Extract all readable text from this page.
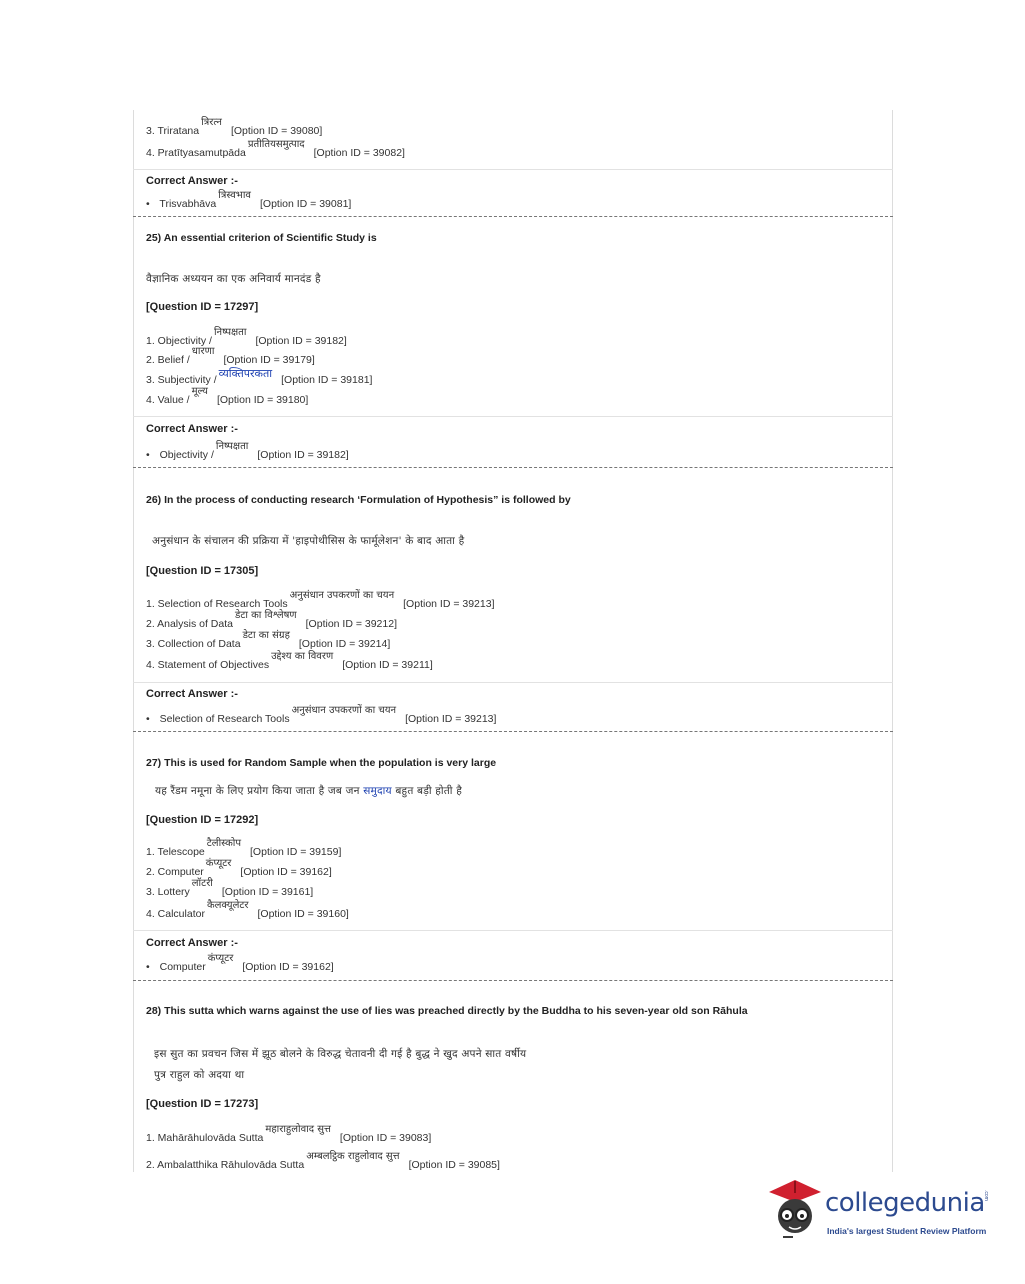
3. Triratanaत्रिरत्न[Option ID = 39080]
4. Pratītyasamutpādaप्रतीतियसमुत्पाद[Option ID = 39082]
Correct Answer :-
• Trisvabhāvaत्रिस्वभाव[Option ID = 39081]
25) An essential criterion of Scientific Study is
वैज्ञानिक अध्ययन का एक अनिवार्य मानदंड है
[Question ID = 17297]
1. Objectivity /निष्पक्षता[Option ID = 39182]
2. Belief /धारणा[Option ID = 39179]
3. Subjectivity / व्यक्तिपरकता [Option ID = 39181]
4. Value /मूल्य[Option ID = 39180]
Correct Answer :-
• Objectivity /निष्पक्षता[Option ID = 39182]
26) In the process of conducting research ‘Formulation of Hypothesis” is followed by
अनुसंधान के संचालन की प्रक्रिया में 'हाइपोथीसिस के फार्मूलेशन' के बाद आता है
[Question ID = 17305]
1. Selection of Research Toolsअनुसंधान उपकरणों का चयन[Option ID = 39213]
2. Analysis of Dataडेटा का विश्लेषण[Option ID = 39212]
3. Collection of Dataडेटा का संग्रह[Option ID = 39214]
4. Statement of Objectivesउद्देश्य का विवरण[Option ID = 39211]
Correct Answer :-
• Selection of Research Toolsअनुसंधान उपकरणों का चयन[Option ID = 39213]
27) This is used for Random Sample when the population is very large
यह रैंडम नमूना के लिए प्रयोग किया जाता है जब जन समुदाय बहुत बड़ी होती है
[Question ID = 17292]
1. Telescopeटैलीस्कोप[Option ID = 39159]
2. Computerकंप्यूटर[Option ID = 39162]
3. Lotteryलॉटरी[Option ID = 39161]
4. Calculatorकैलक्यूलेटर[Option ID = 39160]
Correct Answer :-
• Computerकंप्यूटर[Option ID = 39162]
28) This sutta which warns against the use of lies was preached directly by the Buddha to his seven-year old son Rāhula
इस सुत का प्रवचन जिस में झूठ बोलने के विरुद्ध चेतावनी दी गई है बुद्ध ने खुद अपने सात वर्षीय
पुत्र राहुल को अदया था
[Question ID = 17273]
1. Mahārāhulovāda Suttaमहाराहुलोवाद सुत्त[Option ID = 39083]
2. Ambalatthika Rāhulovāda Suttaअम्बलट्ठिक राहुलोवाद सुत्त[Option ID = 39085]
collegedunia
.com
India's largest Student Review Platform
